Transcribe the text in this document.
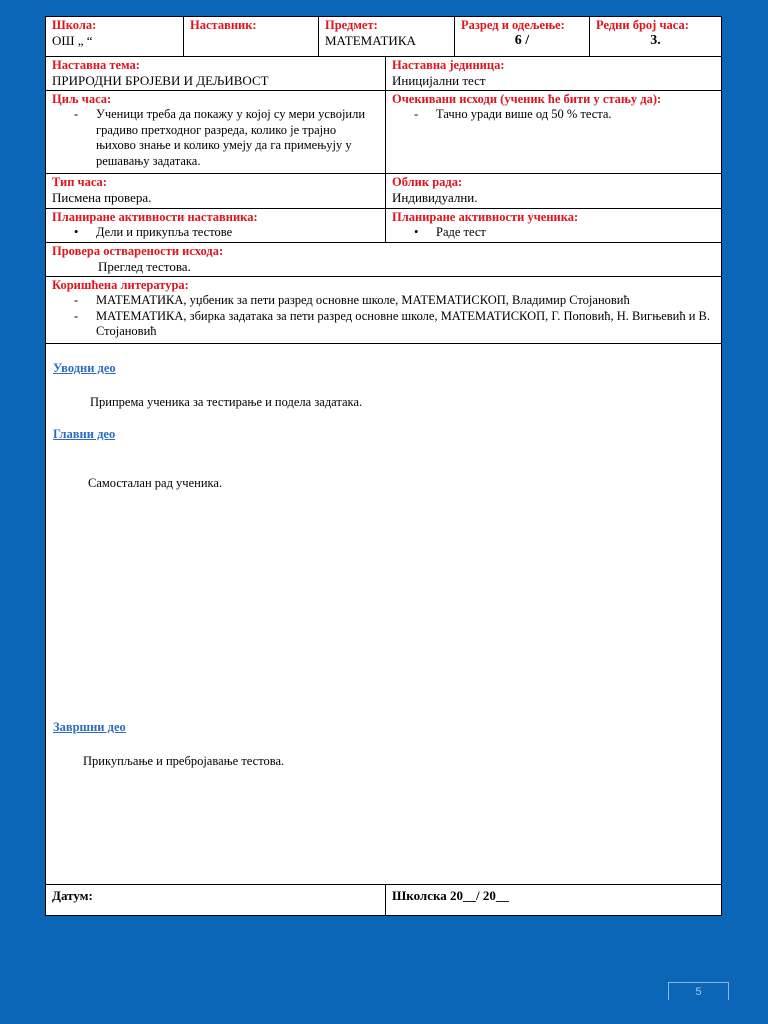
Школа:
ОШ „ “
Наставник:	Предмет:
МАТЕМАТИКА
Разред и одељење:
6 /
Редни број часа:
3.
Наставна тема:
ПРИРОДНИ БРОЈЕВИ И ДЕЉИВОСТ
Наставна јединица:
Иницијални тест
Циљ часа:
- Ученици треба да покажу у којој су мери усвојили градиво претходног разреда, колико је трајно њихово знање и колико умеју да га примењују у решавању задатака.
Очекивани исходи (ученик ће бити у стању да):
- Тачно уради више од 50 % теста.
Тип часа:
Писмена провера.
Облик рада:
Индивидуални.
Планиране активности наставника:
• Дели и прикупља тестове
Планиране активности ученика:
• Раде тест
Провера остварености исхода:
Преглед тестова.
Коришћена литература:
- МАТЕМАТИКА, уџбеник за пети разред основне школе, МАТЕМАТИСКОП, Владимир Стојановић
- МАТЕМАТИКА, збирка задатака за пети разред основне школе, МАТЕМАТИСКОП, Г. Поповић, Н. Вигњевић и В. Стојановић
Уводни део
Припрема ученика за тестирање и подела задатака.
Главни део
Самосталан рад ученика.
Завршни део
Прикупљање и пребројавање тестова.
Датум:	Школска 20__/ 20__
5
